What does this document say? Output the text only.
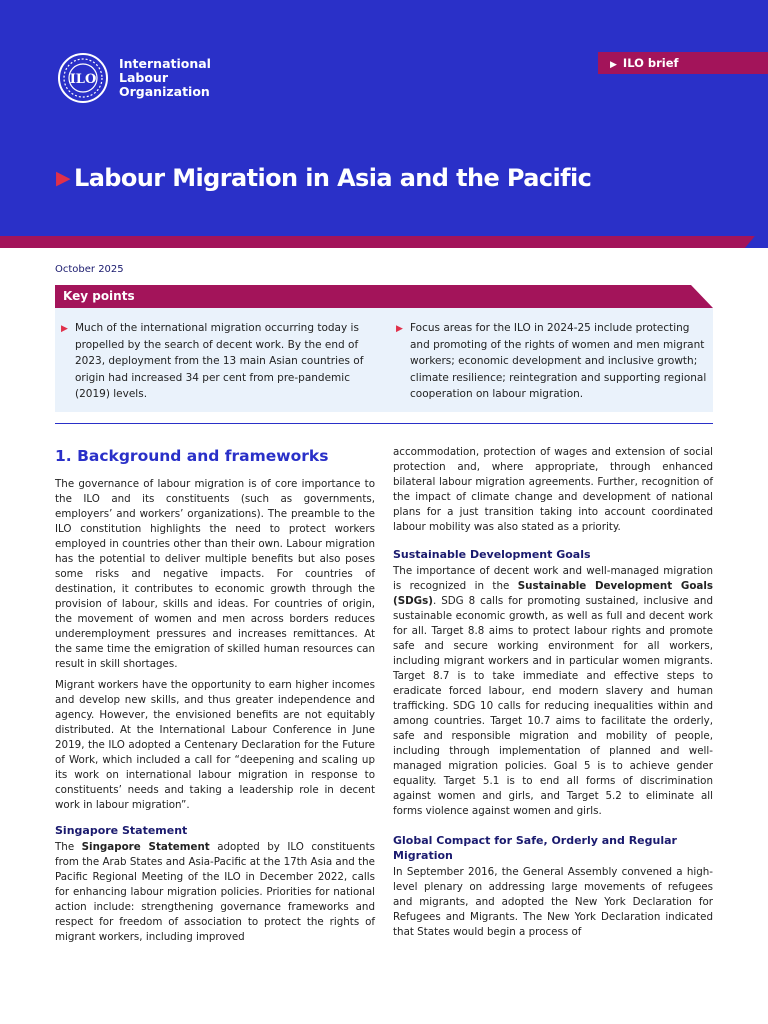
ILO
International
Labour
Organization
▶ ILO brief
▶ Labour Migration in Asia and the Pacific
October 2025
Key points
▶ Much of the international migration occurring today is propelled by the search of decent work. By the end of 2023, deployment from the 13 main Asian countries of origin had increased 34 per cent from pre-pandemic (2019) levels.
▶ Focus areas for the ILO in 2024-25 include protecting and promoting of the rights of women and men migrant workers; economic development and inclusive growth; climate resilience; reintegration and supporting regional cooperation on labour migration.
1. Background and frameworks

The governance of labour migration is of core importance to the ILO and its constituents (such as governments, employers’ and workers’ organizations). The preamble to the ILO constitution highlights the need to protect workers employed in countries other than their own. Labour migration has the potential to deliver multiple benefits but also poses some risks and negative impacts. For countries of destination, it contributes to economic growth through the provision of labour, skills and ideas. For countries of origin, the movement of women and men across borders reduces underemployment pressures and increases remittances. At the same time the emigration of skilled human resources can result in skill shortages.

Migrant workers have the opportunity to earn higher incomes and develop new skills, and thus greater independence and agency. However, the envisioned benefits are not equitably distributed. At the International Labour Conference in June 2019, the ILO adopted a Centenary Declaration for the Future of Work, which included a call for “deepening and scaling up its work on international labour migration in response to constituents’ needs and taking a leadership role in decent work in labour migration”.

Singapore Statement

The Singapore Statement adopted by ILO constituents from the Arab States and Asia-Pacific at the 17th Asia and the Pacific Regional Meeting of the ILO in December 2022, calls for enhancing labour migration policies. Priorities for national action include: strengthening governance frameworks and respect for freedom of association to protect the rights of migrant workers, including improved

accommodation, protection of wages and extension of social protection and, where appropriate, through enhanced bilateral labour migration agreements. Further, recognition of the impact of climate change and development of national plans for a just transition taking into account coordinated labour mobility was also stated as a priority.

Sustainable Development Goals

The importance of decent work and well-managed migration is recognized in the Sustainable Development Goals (SDGs). SDG 8 calls for promoting sustained, inclusive and sustainable economic growth, as well as full and decent work for all. Target 8.8 aims to protect labour rights and promote safe and secure working environment for all workers, including migrant workers and in particular women migrants. Target 8.7 is to take immediate and effective steps to eradicate forced labour, end modern slavery and human trafficking. SDG 10 calls for reducing inequalities within and among countries. Target 10.7 aims to facilitate the orderly, safe and responsible migration and mobility of people, including through implementation of planned and well-managed migration policies. Goal 5 is to achieve gender equality. Target 5.1 is to end all forms of discrimination against women and girls, and Target 5.2 to eliminate all forms violence against women and girls.

Global Compact for Safe, Orderly and Regular Migration

In September 2016, the General Assembly convened a high-level plenary on addressing large movements of refugees and migrants, and adopted the New York Declaration for Refugees and Migrants. The New York Declaration indicated that States would begin a process of
